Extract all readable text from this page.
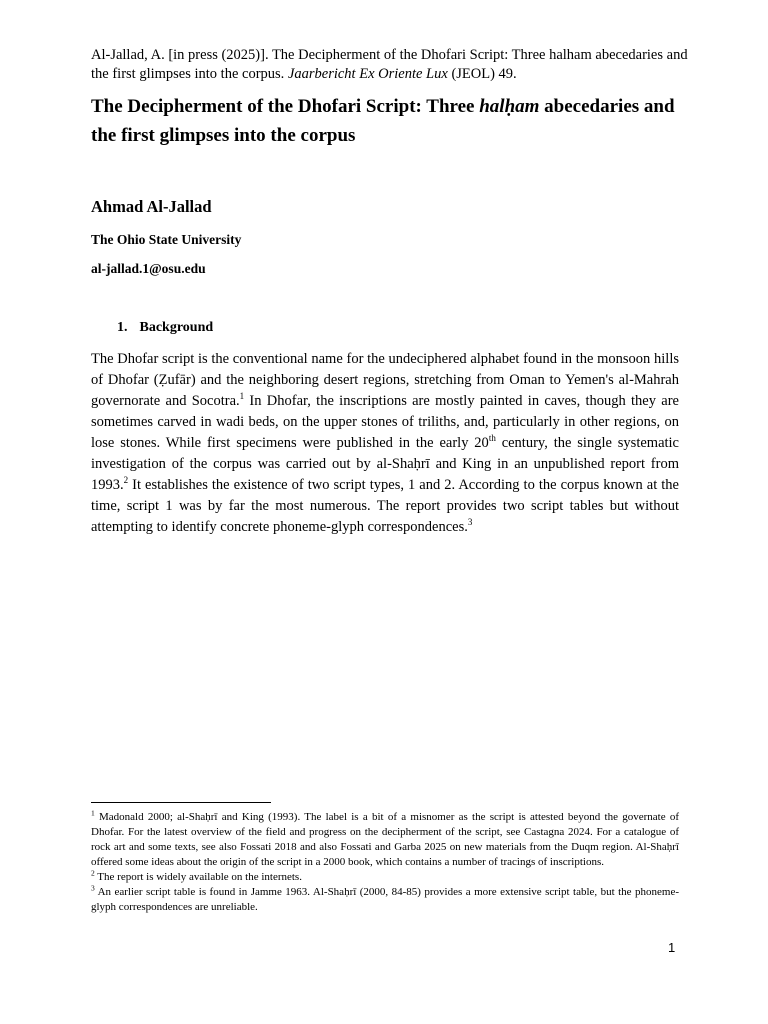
Al-Jallad, A. [in press (2025)]. The Decipherment of the Dhofari Script: Three halham abecedaries and the first glimpses into the corpus. Jaarbericht Ex Oriente Lux (JEOL) 49.
The Decipherment of the Dhofari Script: Three halḥam abecedaries and the first glimpses into the corpus
Ahmad Al-Jallad
The Ohio State University
al-jallad.1@osu.edu
1. Background

The Dhofar script is the conventional name for the undeciphered alphabet found in the monsoon hills of Dhofar (Ẓufār) and the neighboring desert regions, stretching from Oman to Yemen's al-Mahrah governorate and Socotra.$^1$ In Dhofar, the inscriptions are mostly painted in caves, though they are sometimes carved in wadi beds, on the upper stones of triliths, and, particularly in other regions, on lose stones. While first specimens were published in the early 20th century, the single systematic investigation of the corpus was carried out by al-Shaḥrī and King in an unpublished report from 1993.$^2$ It establishes the existence of two script types, 1 and 2. According to the corpus known at the time, script 1 was by far the most numerous. The report provides two script tables but without attempting to identify concrete phoneme-glyph correspondences.$^3$

$^1$ Madonald 2000; al-Shaḥrī and King (1993). The label is a bit of a misnomer as the script is attested beyond the governate of Dhofar. For the latest overview of the field and progress on the decipherment of the script, see Castagna 2024. For a catalogue of rock art and some texts, see also Fossati 2018 and also Fossati and Garba 2025 on new materials from the Duqm region. Al-Shaḥrī offered some ideas about the origin of the script in a 2000 book, which contains a number of tracings of inscriptions.

$^2$ The report is widely available on the internets.

$^3$ An earlier script table is found in Jamme 1963. Al-Shaḥrī (2000, 84-85) provides a more extensive script table, but the phoneme-glyph correspondences are unreliable.

1
